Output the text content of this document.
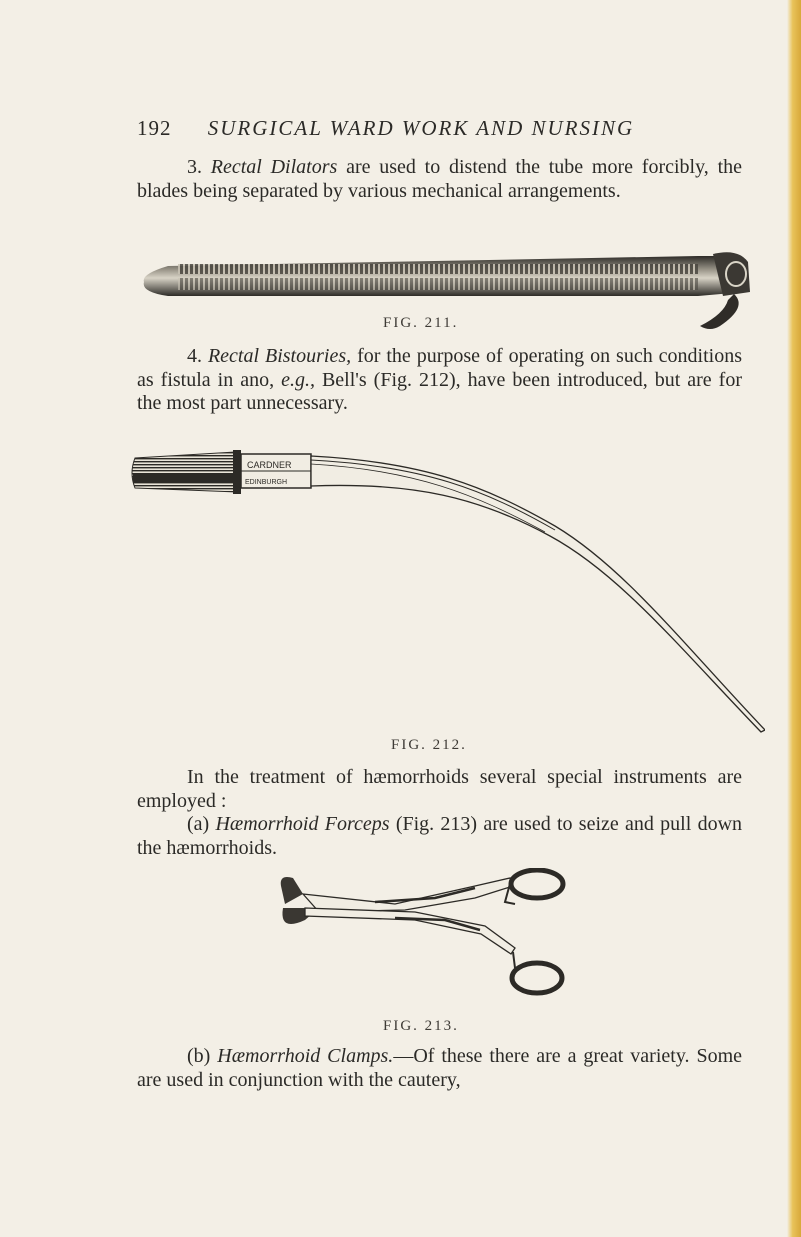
192 SURGICAL WARD WORK AND NURSING

3. Rectal Dilators are used to distend the tube more forcibly, the blades being separated by various mechanical arrangements.

FIG. 211.

4. Rectal Bistouries, for the purpose of operating on such conditions as fistula in ano, e.g., Bell's (Fig. 212), have been introduced, but are for the most part unnecessary.

CARDNER
EDINBURGH
FIG. 212.

In the treatment of hæmorrhoids several special instruments are employed :

(a) Hæmorrhoid Forceps (Fig. 213) are used to seize and pull down the hæmorrhoids.

FIG. 213.

(b) Hæmorrhoid Clamps.—Of these there are a great variety. Some are used in conjunction with the cautery,
